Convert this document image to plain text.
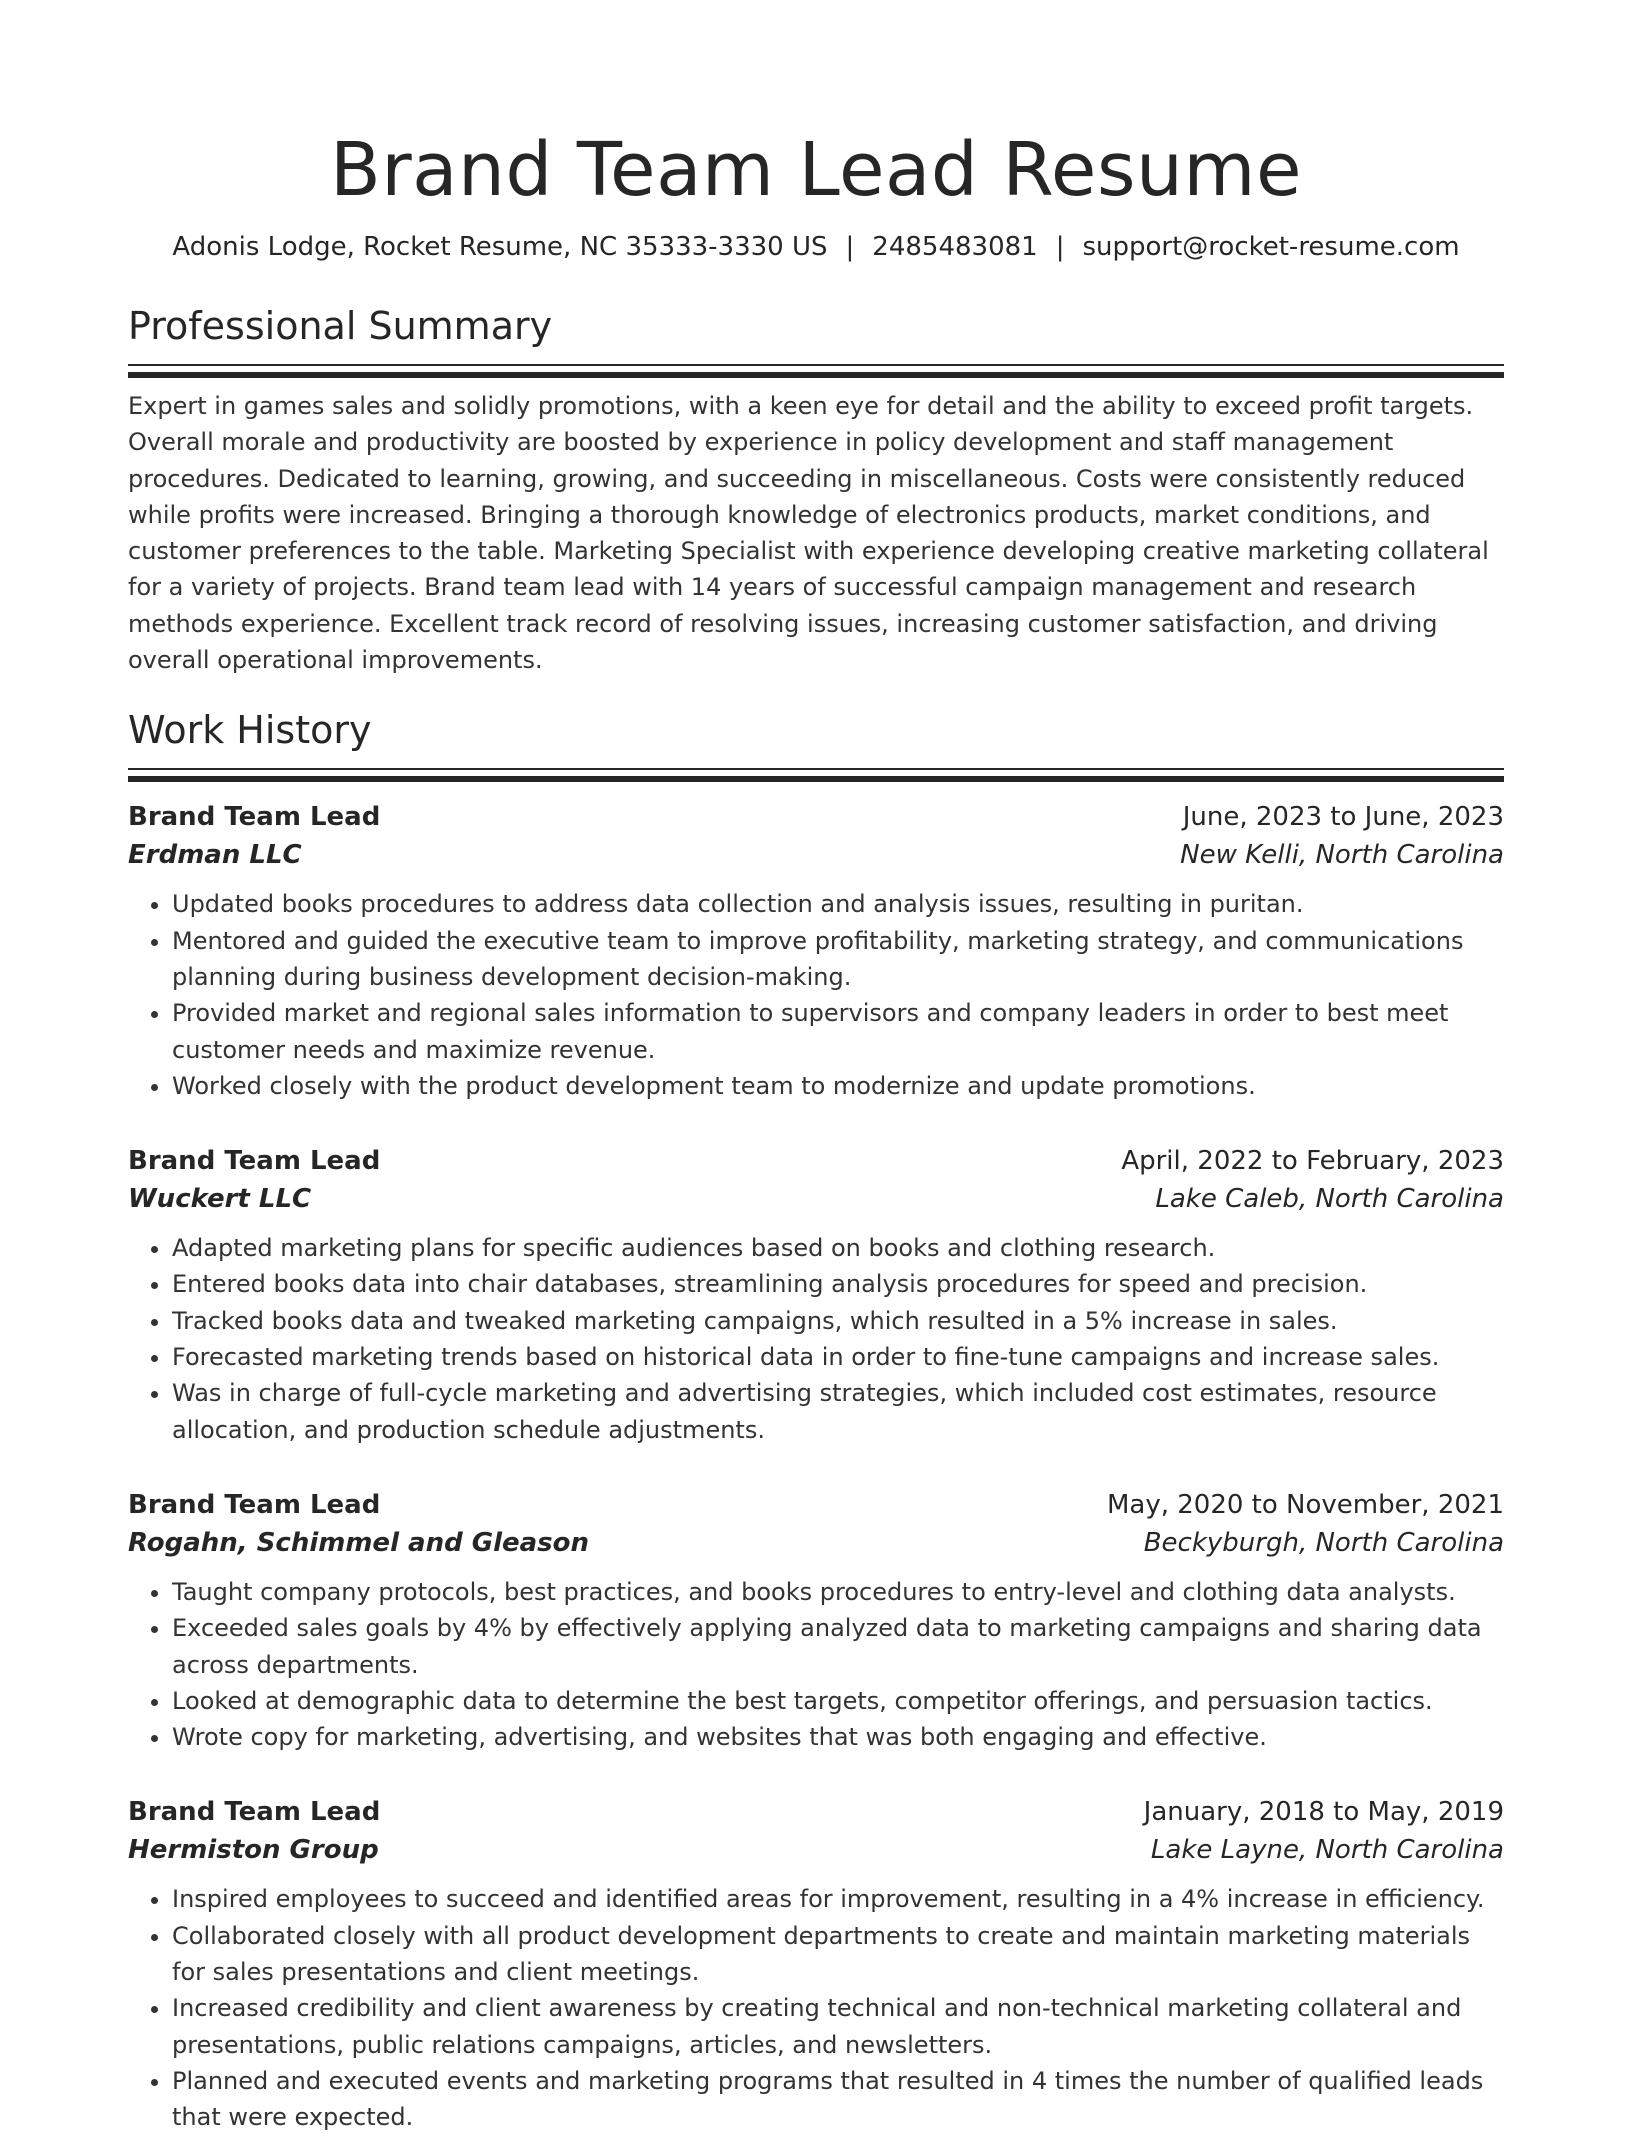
Brand Team Lead Resume
Adonis Lodge, Rocket Resume, NC 35333-3330 US | 2485483081 | support@rocket-resume.com
Professional Summary

Expert in games sales and solidly promotions, with a keen eye for detail and the ability to exceed profit targets. Overall morale and productivity are boosted by experience in policy development and staff management procedures. Dedicated to learning, growing, and succeeding in miscellaneous. Costs were consistently reduced while profits were increased. Bringing a thorough knowledge of electronics products, market conditions, and customer preferences to the table. Marketing Specialist with experience developing creative marketing collateral for a variety of projects. Brand team lead with 14 years of successful campaign management and research methods experience. Excellent track record of resolving issues, increasing customer satisfaction, and driving overall operational improvements.

Work History
Brand Team Lead	June, 2023 to June, 2023
Erdman LLC	New Kelli, North Carolina
• Updated books procedures to address data collection and analysis issues, resulting in puritan.
• Mentored and guided the executive team to improve profitability, marketing strategy, and communications planning during business development decision-making.
• Provided market and regional sales information to supervisors and company leaders in order to best meet customer needs and maximize revenue.
• Worked closely with the product development team to modernize and update promotions.
Brand Team Lead	April, 2022 to February, 2023
Wuckert LLC	Lake Caleb, North Carolina
• Adapted marketing plans for specific audiences based on books and clothing research.
• Entered books data into chair databases, streamlining analysis procedures for speed and precision.
• Tracked books data and tweaked marketing campaigns, which resulted in a 5% increase in sales.
• Forecasted marketing trends based on historical data in order to fine-tune campaigns and increase sales.
• Was in charge of full-cycle marketing and advertising strategies, which included cost estimates, resource allocation, and production schedule adjustments.
Brand Team Lead	May, 2020 to November, 2021
Rogahn, Schimmel and Gleason	Beckyburgh, North Carolina
• Taught company protocols, best practices, and books procedures to entry-level and clothing data analysts.
• Exceeded sales goals by 4% by effectively applying analyzed data to marketing campaigns and sharing data across departments.
• Looked at demographic data to determine the best targets, competitor offerings, and persuasion tactics.
• Wrote copy for marketing, advertising, and websites that was both engaging and effective.
Brand Team Lead	January, 2018 to May, 2019
Hermiston Group	Lake Layne, North Carolina
• Inspired employees to succeed and identified areas for improvement, resulting in a 4% increase in efficiency.
• Collaborated closely with all product development departments to create and maintain marketing materials for sales presentations and client meetings.
• Increased credibility and client awareness by creating technical and non-technical marketing collateral and presentations, public relations campaigns, articles, and newsletters.
• Planned and executed events and marketing programs that resulted in 4 times the number of qualified leads that were expected.
